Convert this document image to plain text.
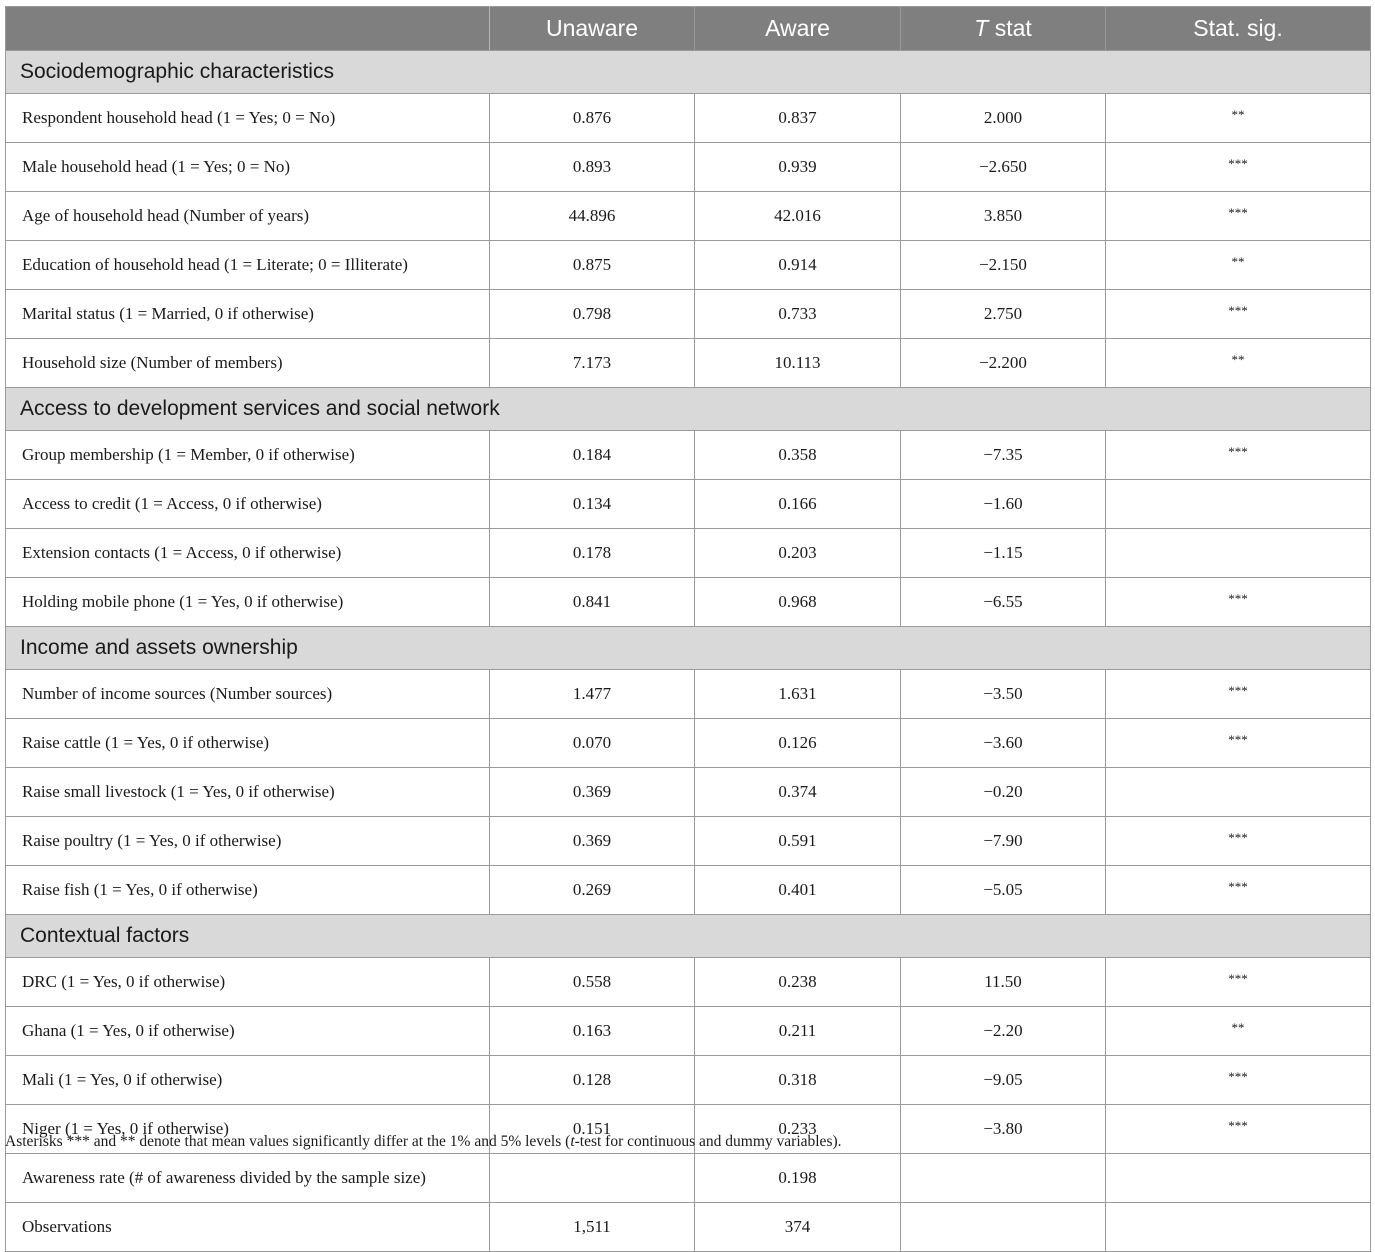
	Unaware	Aware	T stat	Stat. sig.
Sociodemographic characteristics				
Respondent household head (1 = Yes; 0 = No)	0.876	0.837	2.000	**
Male household head (1 = Yes; 0 = No)	0.893	0.939	−2.650	***
Age of household head (Number of years)	44.896	42.016	3.850	***
Education of household head (1 = Literate; 0 = Illiterate)	0.875	0.914	−2.150	**
Marital status (1 = Married, 0 if otherwise)	0.798	0.733	2.750	***
Household size (Number of members)	7.173	10.113	−2.200	**
Access to development services and social network				
Group membership (1 = Member, 0 if otherwise)	0.184	0.358	−7.35	***
Access to credit (1 = Access, 0 if otherwise)	0.134	0.166	−1.60	
Extension contacts (1 = Access, 0 if otherwise)	0.178	0.203	−1.15	
Holding mobile phone (1 = Yes, 0 if otherwise)	0.841	0.968	−6.55	***
Income and assets ownership				
Number of income sources (Number sources)	1.477	1.631	−3.50	***
Raise cattle (1 = Yes, 0 if otherwise)	0.070	0.126	−3.60	***
Raise small livestock (1 = Yes, 0 if otherwise)	0.369	0.374	−0.20	
Raise poultry (1 = Yes, 0 if otherwise)	0.369	0.591	−7.90	***
Raise fish (1 = Yes, 0 if otherwise)	0.269	0.401	−5.05	***
Contextual factors				
DRC (1 = Yes, 0 if otherwise)	0.558	0.238	11.50	***
Ghana (1 = Yes, 0 if otherwise)	0.163	0.211	−2.20	**
Mali (1 = Yes, 0 if otherwise)	0.128	0.318	−9.05	***
Niger (1 = Yes, 0 if otherwise)	0.151	0.233	−3.80	***
Awareness rate (# of awareness divided by the sample size)		0.198		
Observations	1,511	374		
Asterisks *** and ** denote that mean values significantly differ at the 1% and 5% levels (t-test for continuous and dummy variables).
